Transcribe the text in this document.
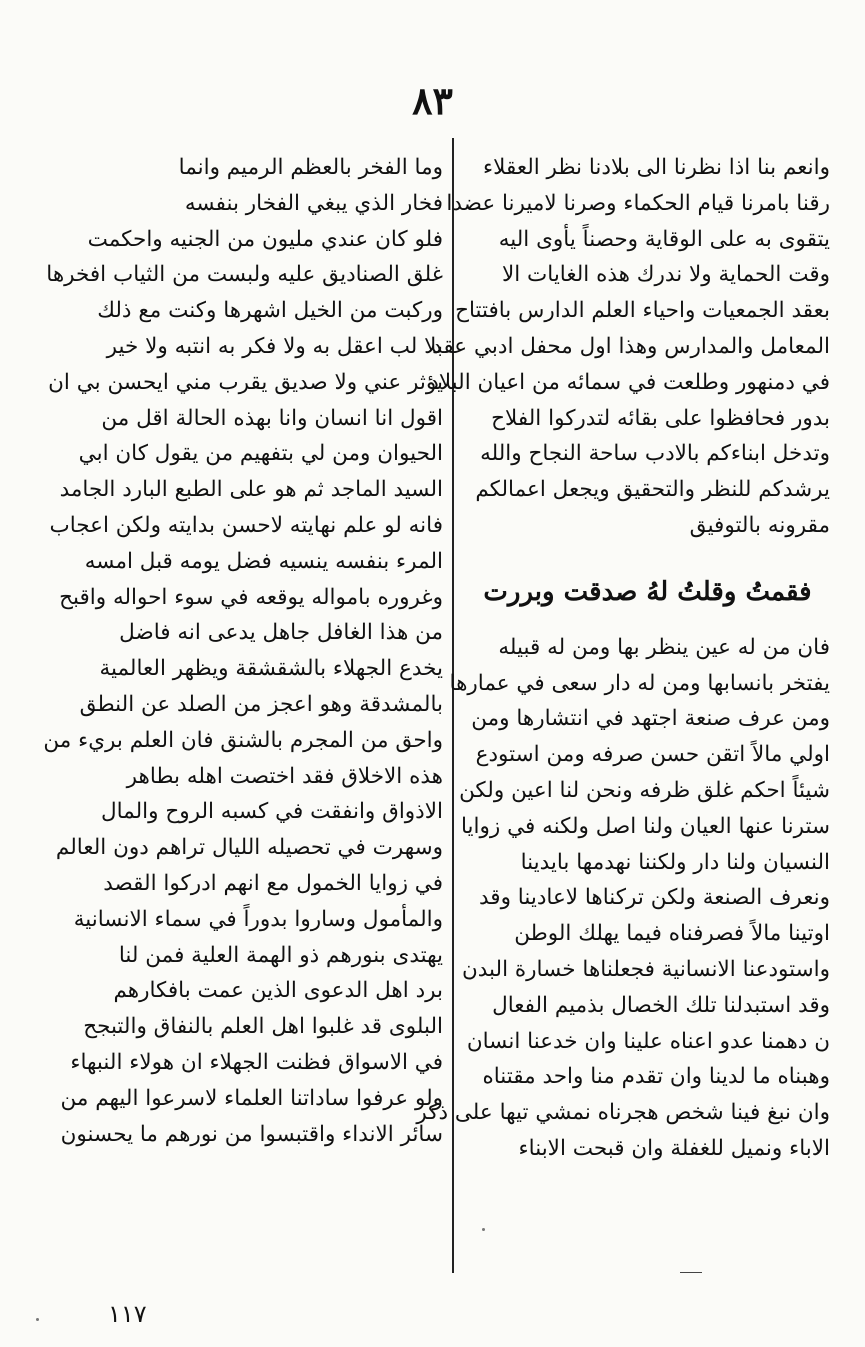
٨٣
وانعم بنا اذا نظرنا الى بلادنا نظر العقلاء
رقنا بامرنا قيام الحكماء وصرنا لاميرنا عضدا
يتقوى به على الوقاية وحصناً يأوى اليه
وقت الحماية ولا ندرك هذه الغايات الا
بعقد الجمعيات واحياء العلم الدارس بافتتاح
المعامل والمدارس وهذا اول محفل ادبي عقد
في دمنهور وطلعت في سمائه من اعيان البلاد
بدور فحافظوا على بقائه لتدركوا الفلاح
وتدخل ابناءكم بالادب ساحة النجاح والله
يرشدكم للنظر والتحقيق ويجعل اعمالكم
مقرونه بالتوفيق
فقمتُ وقلتُ لهُ صدقت وبررت
فان من له عين ينظر بها ومن له قبيله
يفتخر بانسابها ومن له دار سعى في عمارها
ومن عرف صنعة اجتهد في انتشارها ومن
اولي مالاً اتقن حسن صرفه ومن استودع
شيئاً احكم غلق ظرفه ونحن لنا اعين ولكن
سترنا عنها العيان ولنا اصل ولكنه في زوايا
النسيان ولنا دار ولكننا نهدمها بايدينا
ونعرف الصنعة ولكن تركناها لاعادينا وقد
اوتينا مالاً فصرفناه فيما يهلك الوطن
واستودعنا الانسانية فجعلناها خسارة البدن
وقد استبدلنا تلك الخصال بذميم الفعال
ن دهمنا عدو اعناه علينا وان خدعنا انسان
وهبناه ما لدينا وان تقدم منا واحد مقتناه
وان نبغ فينا شخص هجرناه نمشي تيها على ذكر
الاباء ونميل للغفلة وان قبحت الابناء
وما الفخر بالعظم الرميم وانما
فخار الذي يبغي الفخار بنفسه
فلو كان عندي مليون من الجنيه واحكمت
غلق الصناديق عليه ولبست من الثياب افخرها
وركبت من الخيل اشهرها وكنت مع ذلك
بلا لب اعقل به ولا فكر به انتبه ولا خير
يؤثر عني ولا صديق يقرب مني ايحسن بي ان
اقول انا انسان وانا بهذه الحالة اقل من
الحيوان ومن لي بتفهيم من يقول كان ابي
السيد الماجد ثم هو على الطبع البارد الجامد
فانه لو علم نهايته لاحسن بدايته ولكن اعجاب
المرء بنفسه ينسيه فضل يومه قبل امسه
وغروره بامواله يوقعه في سوء احواله واقبح
من هذا الغافل جاهل يدعى انه فاضل
يخدع الجهلاء بالشقشقة ويظهر العالمية
بالمشدقة وهو اعجز من الصلد عن النطق
واحق من المجرم بالشنق فان العلم بريء من
هذه الاخلاق فقد اختصت اهله بطاهر
الاذواق وانفقت في كسبه الروح والمال
وسهرت في تحصيله الليال تراهم دون العالم
في زوايا الخمول مع انهم ادركوا القصد
والمأمول وساروا بدوراً في سماء الانسانية
يهتدى بنورهم ذو الهمة العلية فمن لنا
برد اهل الدعوى الذين عمت بافكارهم
البلوى قد غلبوا اهل العلم بالنفاق والتبجح
في الاسواق فظنت الجهلاء ان هولاء النبهاء
ولو عرفوا ساداتنا العلماء لاسرعوا اليهم من
سائر الانداء واقتبسوا من نورهم ما يحسنون
١١٧
